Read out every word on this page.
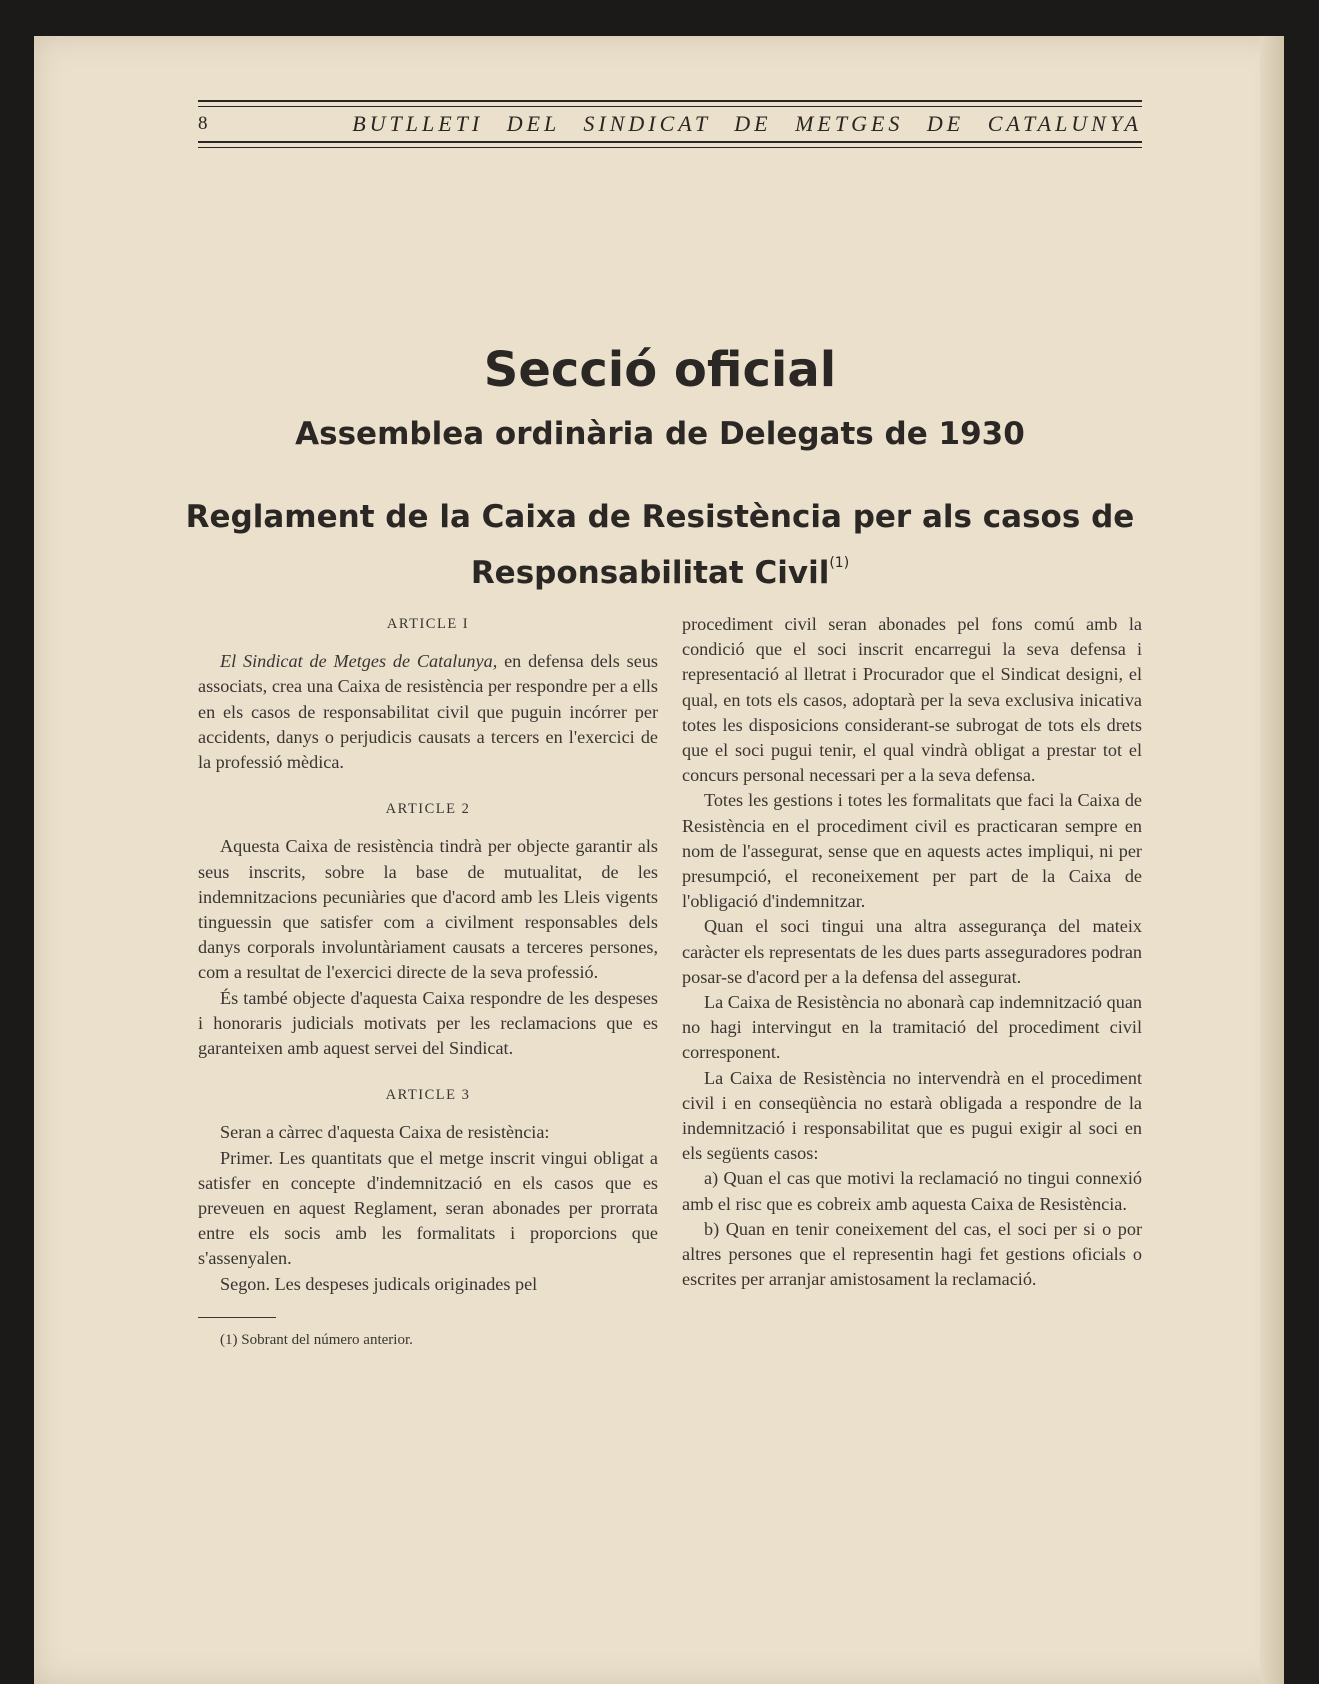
8	BUTLLETI DEL SINDICAT DE METGES DE CATALUNYA
Secció oficial
Assemblea ordinària de Delegats de 1930
Reglament de la Caixa de Resistència per als casos de Responsabilitat Civil$^{(1)}$
ARTICLE I

El Sindicat de Metges de Catalunya, en defensa dels seus associats, crea una Caixa de resistència per respondre per a ells en els casos de responsabilitat civil que puguin incórrer per accidents, danys o perjudicis causats a tercers en l'exercici de la professió mèdica.

ARTICLE 2

Aquesta Caixa de resistència tindrà per objecte garantir als seus inscrits, sobre la base de mutualitat, de les indemnitzacions pecuniàries que d'acord amb les Lleis vigents tinguessin que satisfer com a civilment responsables dels danys corporals involuntàriament causats a terceres persones, com a resultat de l'exercici directe de la seva professió.

És també objecte d'aquesta Caixa respondre de les despeses i honoraris judicials motivats per les reclamacions que es garanteixen amb aquest servei del Sindicat.

ARTICLE 3

Seran a càrrec d'aquesta Caixa de resistència:

Primer. Les quantitats que el metge inscrit vingui obligat a satisfer en concepte d'indemnització en els casos que es preveuen en aquest Reglament, seran abonades per prorrata entre els socis amb les formalitats i proporcions que s'assenyalen.

Segon. Les despeses judicals originades pel

(1) Sobrant del número anterior.

procediment civil seran abonades pel fons comú amb la condició que el soci inscrit encarregui la seva defensa i representació al lletrat i Procurador que el Sindicat designi, el qual, en tots els casos, adoptarà per la seva exclusiva inicativa totes les disposicions considerant-se subrogat de tots els drets que el soci pugui tenir, el qual vindrà obligat a prestar tot el concurs personal necessari per a la seva defensa.

Totes les gestions i totes les formalitats que faci la Caixa de Resistència en el procediment civil es practicaran sempre en nom de l'assegurat, sense que en aquests actes impliqui, ni per presumpció, el reconeixement per part de la Caixa de l'obligació d'indemnitzar.

Quan el soci tingui una altra assegurança del mateix caràcter els representats de les dues parts asseguradores podran posar-se d'acord per a la defensa del assegurat.

La Caixa de Resistència no abonarà cap indemnització quan no hagi intervingut en la tramitació del procediment civil corresponent.

La Caixa de Resistència no intervendrà en el procediment civil i en conseqüència no estarà obligada a respondre de la indemnització i responsabilitat que es pugui exigir al soci en els següents casos:

a) Quan el cas que motivi la reclamació no tingui connexió amb el risc que es cobreix amb aquesta Caixa de Resistència.

b) Quan en tenir coneixement del cas, el soci per si o por altres persones que el representin hagi fet gestions oficials o escrites per arranjar amistosament la reclamació.
